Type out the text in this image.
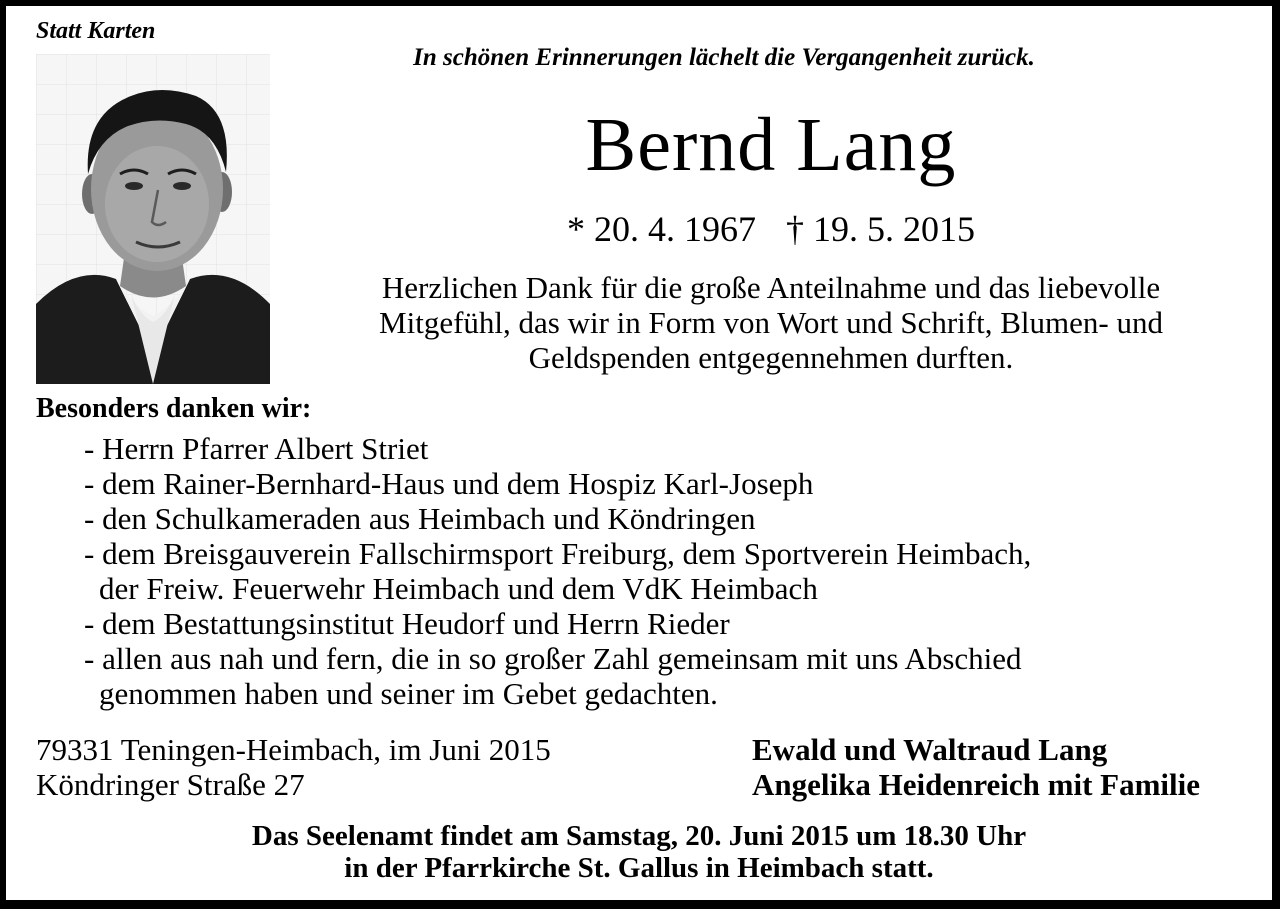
Statt Karten
In schönen Erinnerungen lächelt die Vergangenheit zurück.
Bernd Lang
* 20. 4. 1967 † 19. 5. 2015
Herzlichen Dank für die große Anteilnahme und das liebevolle
Mitgefühl, das wir in Form von Wort und Schrift, Blumen- und
Geldspenden entgegennehmen durften.
Besonders danken wir:
- Herrn Pfarrer Albert Striet
- dem Rainer-Bernhard-Haus und dem Hospiz Karl-Joseph
- den Schulkameraden aus Heimbach und Köndringen
- dem Breisgauverein Fallschirmsport Freiburg, dem Sportverein Heimbach,
der Freiw. Feuerwehr Heimbach und dem VdK Heimbach
- dem Bestattungsinstitut Heudorf und Herrn Rieder
- allen aus nah und fern, die in so großer Zahl gemeinsam mit uns Abschied
genommen haben und seiner im Gebet gedachten.
79331 Teningen-Heimbach, im Juni 2015
Köndringer Straße 27
Ewald und Waltraud Lang
Angelika Heidenreich mit Familie
Das Seelenamt findet am Samstag, 20. Juni 2015 um 18.30 Uhr
in der Pfarrkirche St. Gallus in Heimbach statt.
